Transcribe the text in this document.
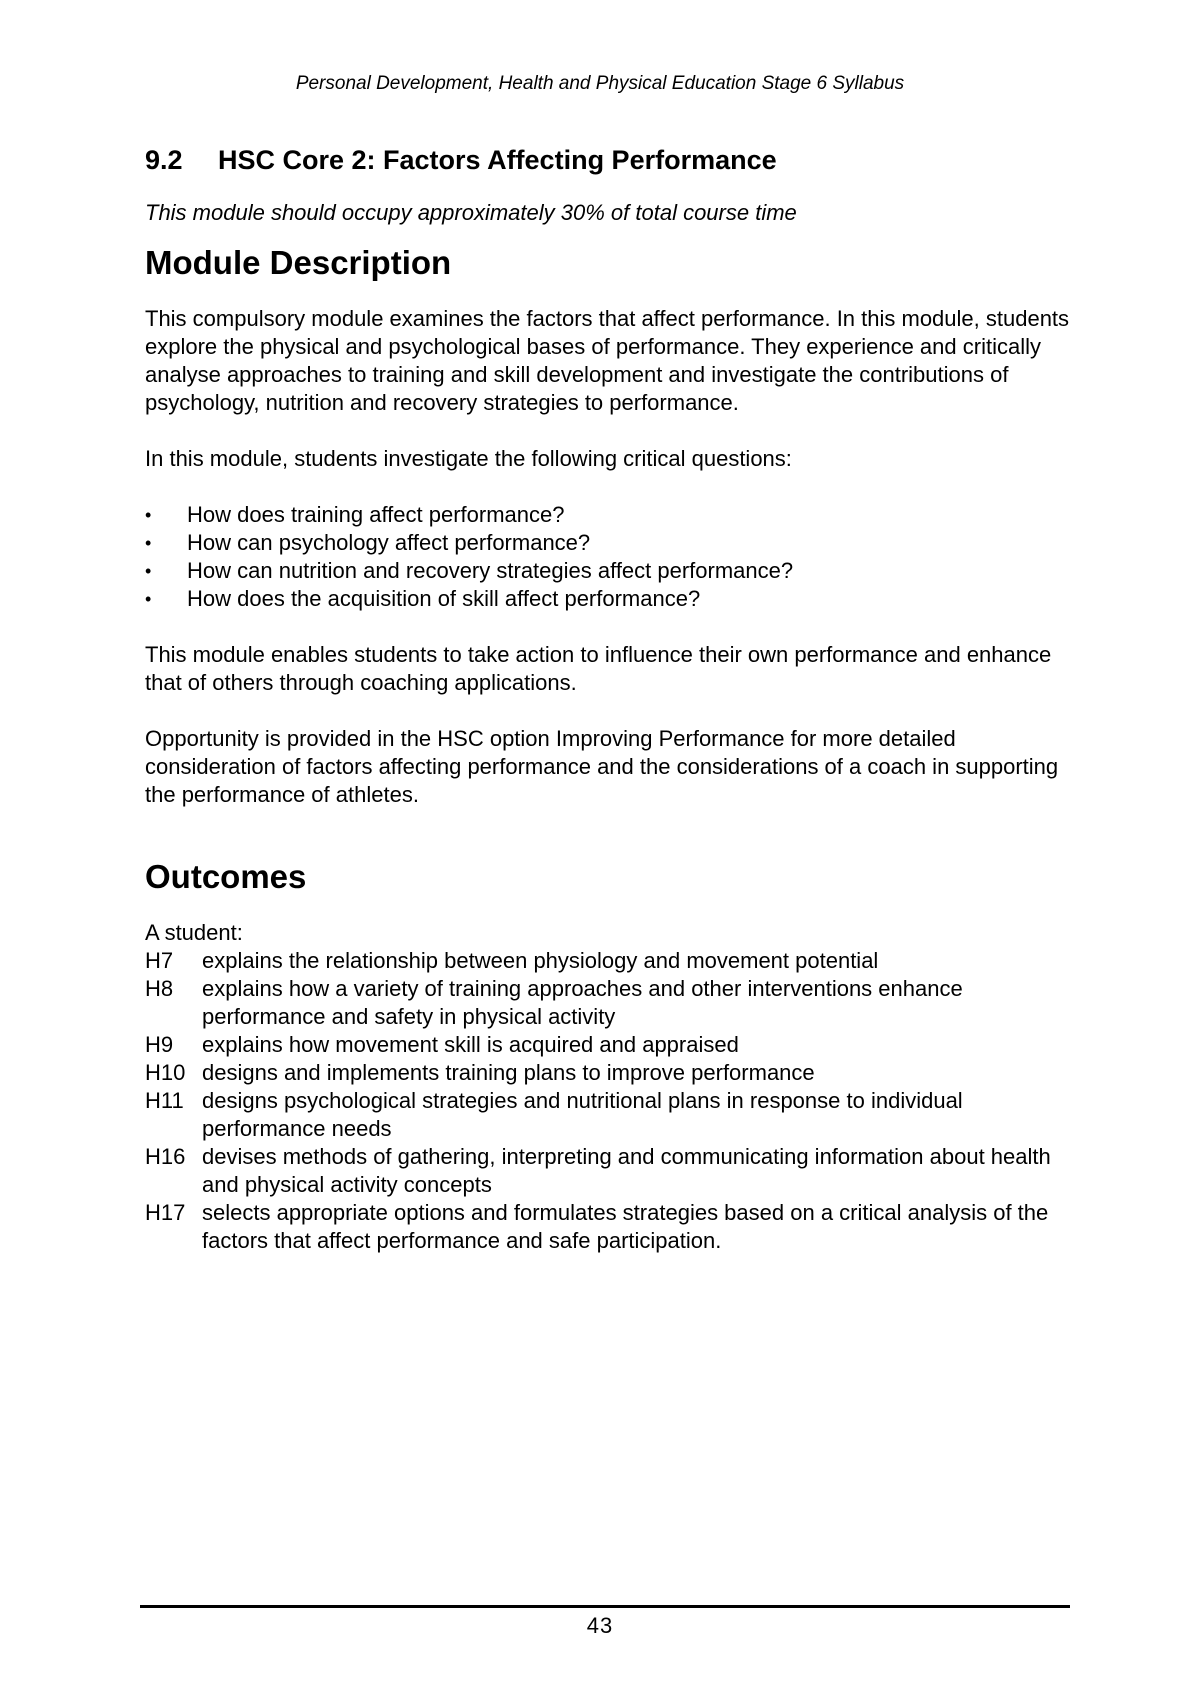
Personal Development, Health and Physical Education Stage 6 Syllabus
9.2 HSC Core 2: Factors Affecting Performance

This module should occupy approximately 30% of total course time

Module Description

This compulsory module examines the factors that affect performance. In this module, students explore the physical and psychological bases of performance. They experience and critically analyse approaches to training and skill development and investigate the contributions of psychology, nutrition and recovery strategies to performance.

In this module, students investigate the following critical questions:

• How does training affect performance?
• How can psychology affect performance?
• How can nutrition and recovery strategies affect performance?
• How does the acquisition of skill affect performance?

This module enables students to take action to influence their own performance and enhance that of others through coaching applications.

Opportunity is provided in the HSC option Improving Performance for more detailed consideration of factors affecting performance and the considerations of a coach in supporting the performance of athletes.

Outcomes

A student:

H7	explains the relationship between physiology and movement potential
H8	explains how a variety of training approaches and other interventions enhance performance and safety in physical activity
H9	explains how movement skill is acquired and appraised
H10 designs and implements training plans to improve performance
H11 designs psychological strategies and nutritional plans in response to individual performance needs
H16 devises methods of gathering, interpreting and communicating information about health and physical activity concepts
H17 selects appropriate options and formulates strategies based on a critical analysis of the factors that affect performance and safe participation.
43
